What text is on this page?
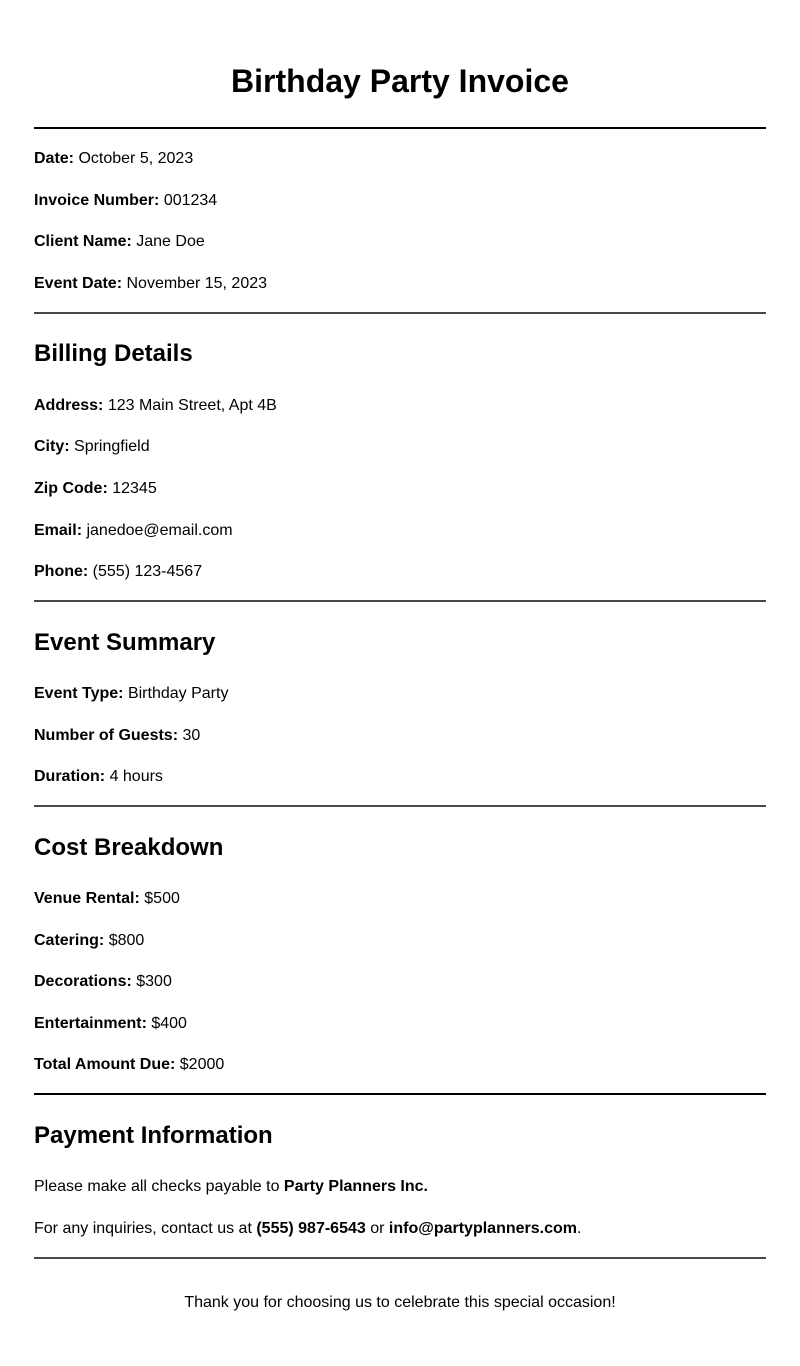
Birthday Party Invoice
Date: October 5, 2023
Invoice Number: 001234
Client Name: Jane Doe
Event Date: November 15, 2023
Billing Details
Address: 123 Main Street, Apt 4B
City: Springfield
Zip Code: 12345
Email: janedoe@email.com
Phone: (555) 123-4567
Event Summary
Event Type: Birthday Party
Number of Guests: 30
Duration: 4 hours
Cost Breakdown
Venue Rental: $500
Catering: $800
Decorations: $300
Entertainment: $400
Total Amount Due: $2000
Payment Information
Please make all checks payable to Party Planners Inc.
For any inquiries, contact us at (555) 987-6543 or info@partyplanners.com.
Thank you for choosing us to celebrate this special occasion!
